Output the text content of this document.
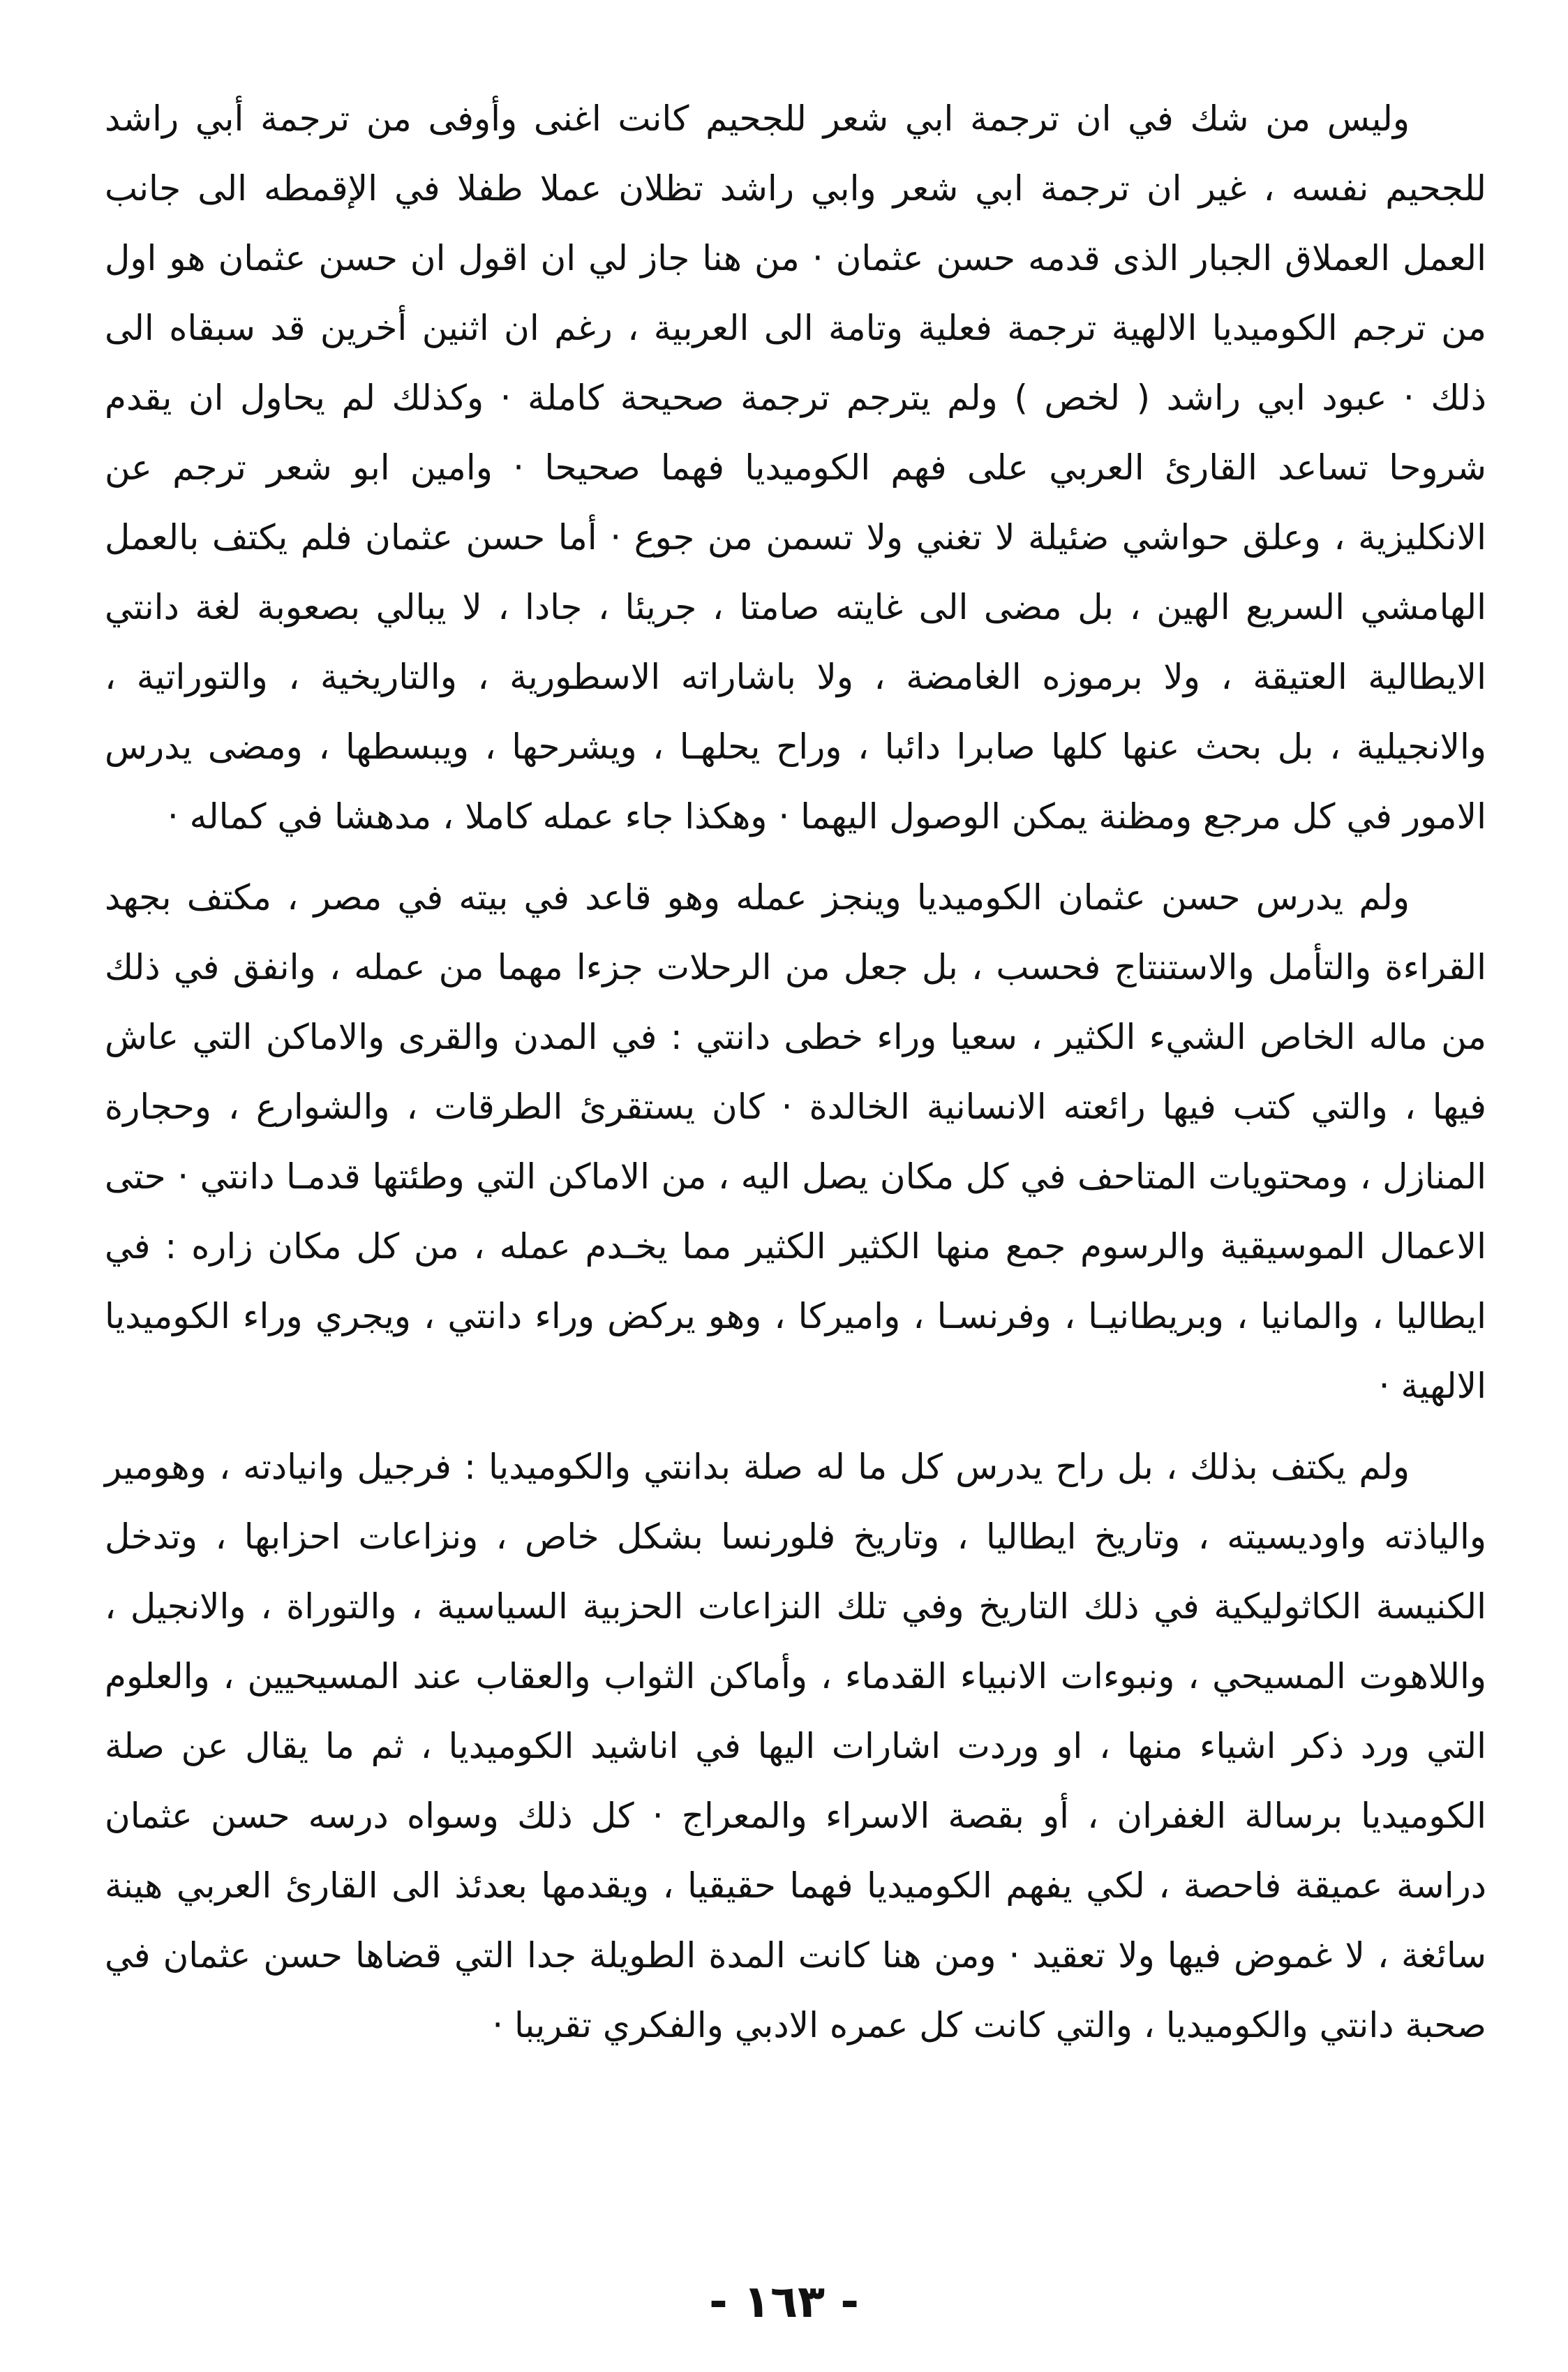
وليس من شك في ان ترجمة ابي شعر للجحيم كانت اغنى وأوفى من ترجمة أبي راشد للجحيم نفسه ، غير ان ترجمة ابي شعر وابي راشد تظلان عملا طفلا في الإقمطه الى جانب العمل العملاق الجبار الذى قدمه حسن عثمان · من هنا جاز لي ان اقول ان حسن عثمان هو اول من ترجم الكوميديا الالهية ترجمة فعلية وتامة الى العربية ، رغم ان اثنين أخرين قد سبقاه الى ذلك · عبود ابي راشد ( لخص ) ولم يترجم ترجمة صحيحة كاملة · وكذلك لم يحاول ان يقدم شروحا تساعد القارئ العربي على فهم الكوميديا فهما صحيحا · وامين ابو شعر ترجم عن الانكليزية ، وعلق حواشي ضئيلة لا تغني ولا تسمن من جوع · أما حسن عثمان فلم يكتف بالعمل الهامشي السريع الهين ، بل مضى الى غايته صامتا ، جريئا ، جادا ، لا يبالي بصعوبة لغة دانتي الايطالية العتيقة ، ولا برموزه الغامضة ، ولا باشاراته الاسطورية ، والتاريخية ، والتوراتية ، والانجيلية ، بل بحث عنها كلها صابرا دائبا ، وراح يحلهـا ، ويشرحها ، ويبسطها ، ومضى يدرس الامور في كل مرجع ومظنة يمكن الوصول اليهما · وهكذا جاء عمله كاملا ، مدهشا في كماله ·

ولم يدرس حسن عثمان الكوميديا وينجز عمله وهو قاعد في بيته في مصر ، مكتف بجهد القراءة والتأمل والاستنتاج فحسب ، بل جعل من الرحلات جزءا مهما من عمله ، وانفق في ذلك من ماله الخاص الشيء الكثير ، سعيا وراء خطى دانتي : في المدن والقرى والاماكن التي عاش فيها ، والتي كتب فيها رائعته الانسانية الخالدة · كان يستقرئ الطرقات ، والشوارع ، وحجارة المنازل ، ومحتويات المتاحف في كل مكان يصل اليه ، من الاماكن التي وطئتها قدمـا دانتي · حتى الاعمال الموسيقية والرسوم جمع منها الكثير الكثير مما يخـدم عمله ، من كل مكان زاره : في ايطاليا ، والمانيا ، وبريطانيـا ، وفرنسـا ، واميركا ، وهو يركض وراء دانتي ، ويجري وراء الكوميديا الالهية ·

ولم يكتف بذلك ، بل راح يدرس كل ما له صلة بدانتي والكوميديا : فرجيل وانيادته ، وهومير والياذته واوديسيته ، وتاريخ ايطاليا ، وتاريخ فلورنسا بشكل خاص ، ونزاعات احزابها ، وتدخل الكنيسة الكاثوليكية في ذلك التاريخ وفي تلك النزاعات الحزبية السياسية ، والتوراة ، والانجيل ، واللاهوت المسيحي ، ونبوءات الانبياء القدماء ، وأماكن الثواب والعقاب عند المسيحيين ، والعلوم التي ورد ذكر اشياء منها ، او وردت اشارات اليها في اناشيد الكوميديا ، ثم ما يقال عن صلة الكوميديا برسالة الغفران ، أو بقصة الاسراء والمعراج · كل ذلك وسواه درسه حسن عثمان دراسة عميقة فاحصة ، لكي يفهم الكوميديا فهما حقيقيا ، ويقدمها بعدئذ الى القارئ العربي هينة سائغة ، لا غموض فيها ولا تعقيد · ومن هنا كانت المدة الطويلة جدا التي قضاها حسن عثمان في صحبة دانتي والكوميديا ، والتي كانت كل عمره الادبي والفكري تقريبا ·

- ١٦٣ -
